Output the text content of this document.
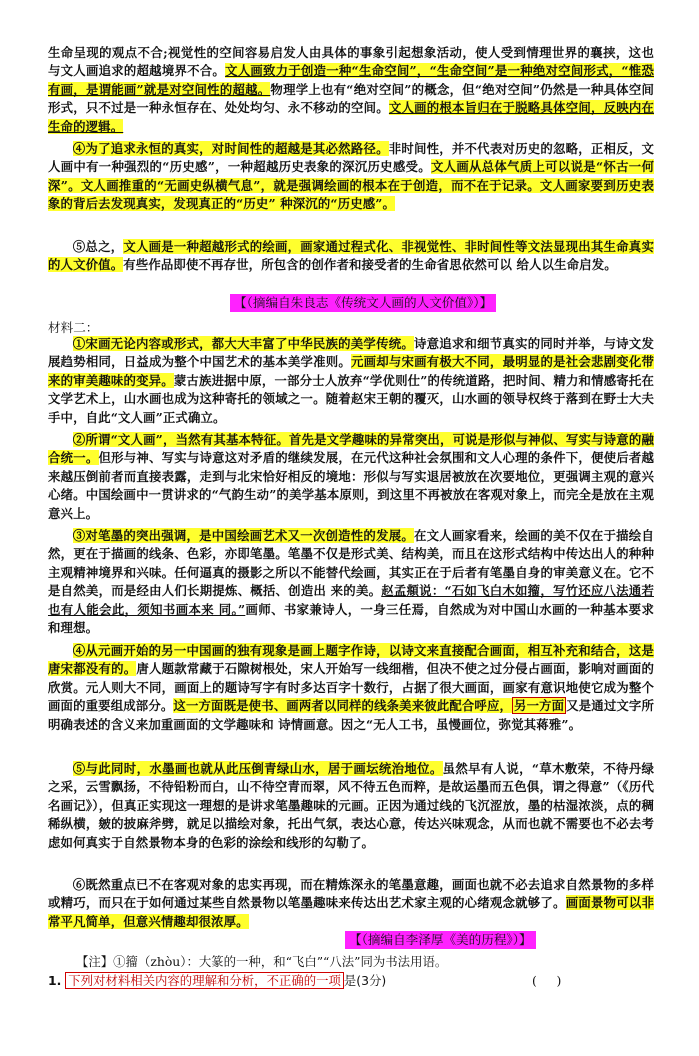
生命呈现的观点不合;视觉性的空间容易启发人由具体的事象引起想象活动，使人受到情理世界的襄挟，这也与文人画追求的超越境界不合。文人画致力于创造一种“生命空间”，“生命空间”是一种绝对空间形式，“惟恐有画，是谓能画”就是对空间性的超越。物理学上也有“绝对空间”的概念，但“绝对空间”仍然是一种具体空间形式，只不过是一种永恒存在、处处均匀、永不移动的空间。文人画的根本旨归在于脱略具体空间，反映内在生命的逻辑。

④为了追求永恒的真实，对时间性的超越是其必然路径。非时间性，并不代表对历史的忽略，正相反，文人画中有一种强烈的“历史感”，一种超越历史表象的深沉历史感受。文人画从总体气质上可以说是“怀古一何深”。文人画推重的“无画史纵横气息”，就是强调绘画的根本在于创造，而不在于记录。文人画家要到历史表象的背后去发现真实，发现真正的“历史” 种深沉的“历史感”。

⑤总之，文人画是一种超越形式的绘画，画家通过程式化、非视觉性、非时间性等文法显现出其生命真实的人文价值。有些作品即使不再存世，所包含的创作者和接受者的生命省思依然可以 给人以生命启发。

【（摘编自朱良志《传统文人画的人文价值》）】
材料二：

①宋画无论内容或形式，都大大丰富了中华民族的美学传统。诗意追求和细节真实的同时并举，与诗文发展趋势相同，日益成为整个中国艺术的基本美学准则。元画却与宋画有极大不同，最明显的是社会悲剧变化带来的审美趣味的变异。蒙古族进据中原，一部分士人放弃“学优则仕”的传统道路，把时间、精力和情感寄托在文学艺术上，山水画也成为这种寄托的领域之一。随着赵宋王朝的覆灭，山水画的领导权终于落到在野士大夫手中，自此“文人画”正式确立。

②所谓“文人画”，当然有其基本特征。首先是文学趣味的异常突出，可说是形似与神似、写实与诗意的融合统一。但形与神、写实与诗意这对矛盾的继续发展，在元代这种社会氛围和文人心理的条件下，便使后者越来越压倒前者而直接表露，走到与北宋恰好相反的境地：形似与写实退居被放在次要地位，更强调主观的意兴心绪。中国绘画中一贯讲求的“气韵生动”的美学基本原则，到这里不再被放在客观对象上，而完全是放在主观意兴上。

③对笔墨的突出强调，是中国绘画艺术又一次创造性的发展。在文人画家看来，绘画的美不仅在于描绘自然，更在于描画的线条、色彩，亦即笔墨。笔墨不仅是形式美、结构美，而且在这形式结构中传达出人的种种主观精神境界和兴味。任何逼真的摄影之所以不能替代绘画，其实正在于后者有笔墨自身的审美意义在。它不是自然美，而是经由人们长期提炼、概括、创造出 来的美。赵孟頫说：“石如飞白木如籀，写竹还应八法通若也有人能会此，须知书画本来 同。”画师、书家兼诗人，一身三任焉，自然成为对中国山水画的一种基本要求和理想。

④从元画开始的另一中国画的独有现象是画上题字作诗，以诗文来直接配合画面，相互补充和结合，这是唐宋都没有的。唐人题款常藏于石隙树根处，宋人开始写一线细楷，但决不使之过分侵占画面，影响对画面的欣赏。元人则大不同，画面上的题诗写字有时多达百字十数行，占据了很大画面，画家有意识地使它成为整个画面的重要组成部分。这一方面既是使书、画两者以同样的线条美来彼此配合呼应， 另一方面 又是通过文字所明确表述的含义来加重画面的文学趣味和 诗情画意。因之“无人工书，虽慢画位，弥觉其蒋雅”。

⑤与此同时，水墨画也就从此压倒青绿山水，居于画坛统治地位。虽然早有人说，“草木敷荣，不待丹绿之采，云雪飘扬，不待铅粉而白，山不待空青而翠，风不待五色而粹，是故运墨而五色俱，谓之得意”（《历代名画记》），但真正实现这一理想的是讲求笔墨趣味的元画。正因为通过线的飞沉涩放，墨的枯湿浓淡，点的稠稀纵横，皴的披麻斧劈，就足以描绘对象，托出气氛，表达心意，传达兴味观念，从而也就不需要也不必去考虑如何真实于自然景物本身的色彩的涂绘和线形的勾勒了。

⑥既然重点已不在客观对象的忠实再现，而在精炼深永的笔墨意趣，画面也就不必去追求自然景物的多样或精巧，而只在于如何通过某些自然景物以笔墨趣味来传达出艺术家主观的心绪观念就够了。画面景物可以非常平凡简单，但意兴情趣却很浓厚。

【（摘编自李泽厚《美的历程》）】
【注】①籀（zhòu）：大篆的一种，和“飞白”“八法”同为书法用语。
1. 下列对材料相关内容的理解和分析，不正确的一项 是(3分)	(     )
